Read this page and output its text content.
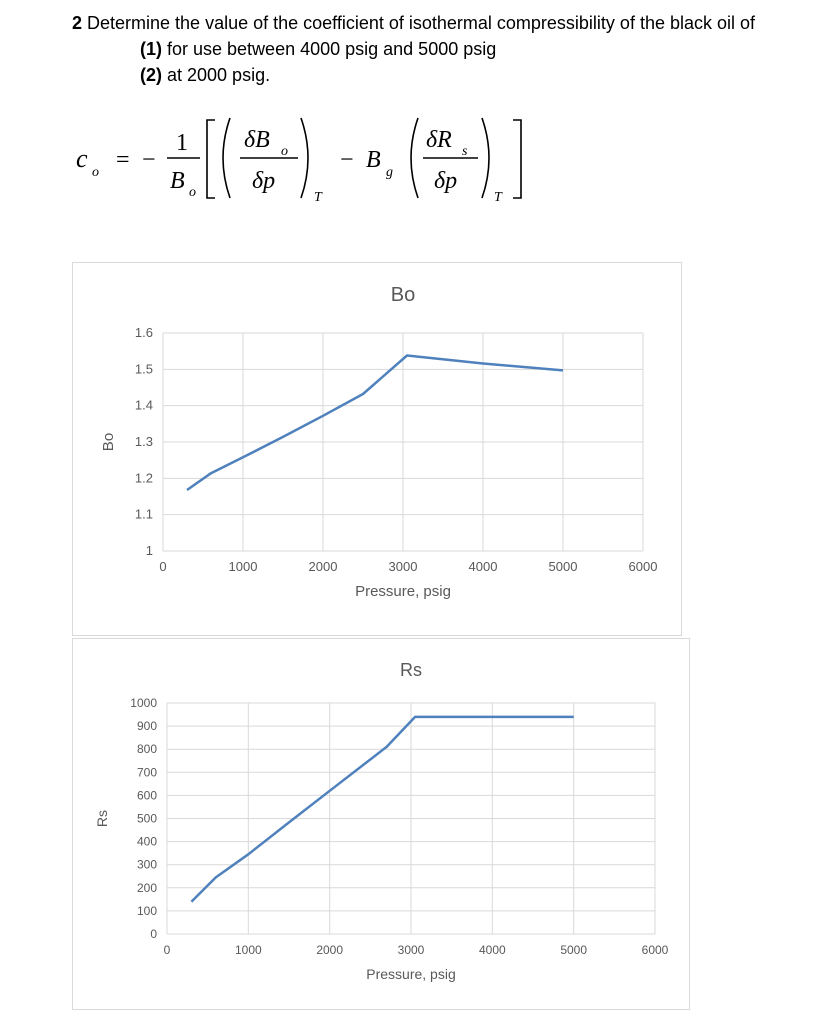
2 Determine the value of the coefficient of isothermal compressibility of the black oil of
(1) for use between 4000 psig and 5000 psig
(2) at 2000 psig.
c o = −
1
B o
δB o
δp
T
− B g
δR s
δp
T
1
1.1
1.2
1.3
1.4
1.5
1.6
0	1000	2000	3000	4000	5000	6000
Bo
Pressure, psig
Bo
0
100
200
300
400
500
600
700
800
900
1000
0	1000	2000	3000	4000	5000	6000
Rs
Pressure, psig
Rs
